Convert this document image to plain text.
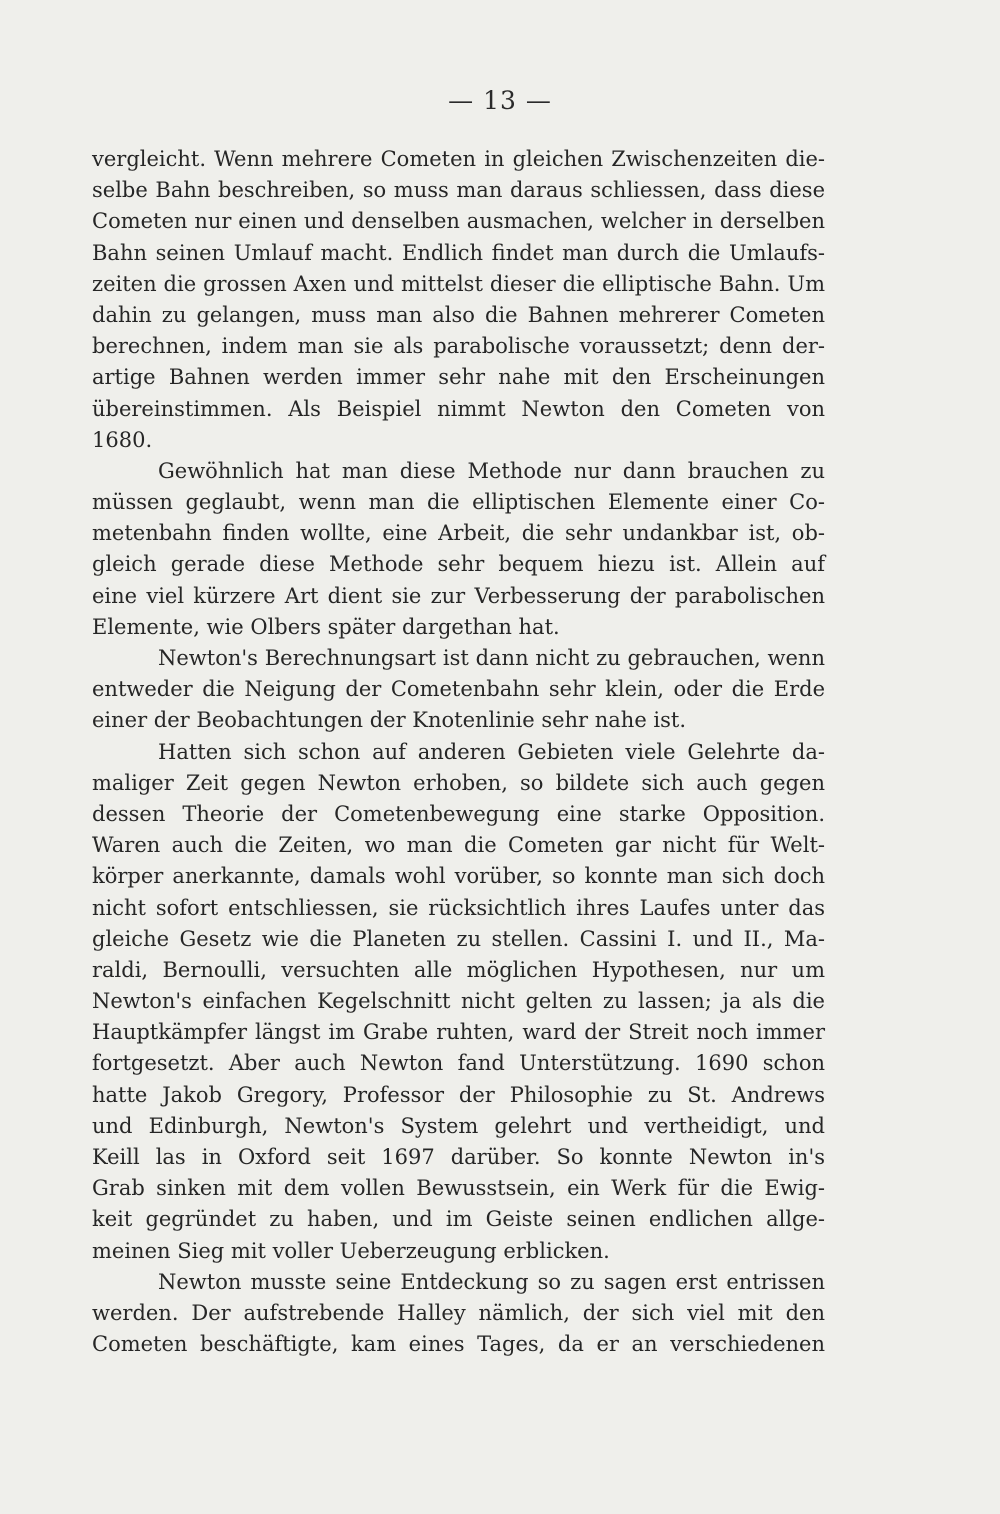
— 13 —
vergleicht. Wenn mehrere Cometen in gleichen Zwischenzeiten die-
selbe Bahn beschreiben, so muss man daraus schliessen, dass diese
Cometen nur einen und denselben ausmachen, welcher in derselben
Bahn seinen Umlauf macht. Endlich findet man durch die Umlaufs-
zeiten die grossen Axen und mittelst dieser die elliptische Bahn. Um
dahin zu gelangen, muss man also die Bahnen mehrerer Cometen
berechnen, indem man sie als parabolische voraussetzt; denn der-
artige Bahnen werden immer sehr nahe mit den Erscheinungen
übereinstimmen. Als Beispiel nimmt Newton den Cometen von
1680.
Gewöhnlich hat man diese Methode nur dann brauchen zu
müssen geglaubt, wenn man die elliptischen Elemente einer Co-
metenbahn finden wollte, eine Arbeit, die sehr undankbar ist, ob-
gleich gerade diese Methode sehr bequem hiezu ist. Allein auf
eine viel kürzere Art dient sie zur Verbesserung der parabolischen
Elemente, wie Olbers später dargethan hat.
Newton's Berechnungsart ist dann nicht zu gebrauchen, wenn
entweder die Neigung der Cometenbahn sehr klein, oder die Erde
einer der Beobachtungen der Knotenlinie sehr nahe ist.
Hatten sich schon auf anderen Gebieten viele Gelehrte da-
maliger Zeit gegen Newton erhoben, so bildete sich auch gegen
dessen Theorie der Cometenbewegung eine starke Opposition.
Waren auch die Zeiten, wo man die Cometen gar nicht für Welt-
körper anerkannte, damals wohl vorüber, so konnte man sich doch
nicht sofort entschliessen, sie rücksichtlich ihres Laufes unter das
gleiche Gesetz wie die Planeten zu stellen. Cassini I. und II., Ma-
raldi, Bernoulli, versuchten alle möglichen Hypothesen, nur um
Newton's einfachen Kegelschnitt nicht gelten zu lassen; ja als die
Hauptkämpfer längst im Grabe ruhten, ward der Streit noch immer
fortgesetzt. Aber auch Newton fand Unterstützung. 1690 schon
hatte Jakob Gregory, Professor der Philosophie zu St. Andrews
und Edinburgh, Newton's System gelehrt und vertheidigt, und
Keill las in Oxford seit 1697 darüber. So konnte Newton in's
Grab sinken mit dem vollen Bewusstsein, ein Werk für die Ewig-
keit gegründet zu haben, und im Geiste seinen endlichen allge-
meinen Sieg mit voller Ueberzeugung erblicken.
Newton musste seine Entdeckung so zu sagen erst entrissen
werden. Der aufstrebende Halley nämlich, der sich viel mit den
Cometen beschäftigte, kam eines Tages, da er an verschiedenen
